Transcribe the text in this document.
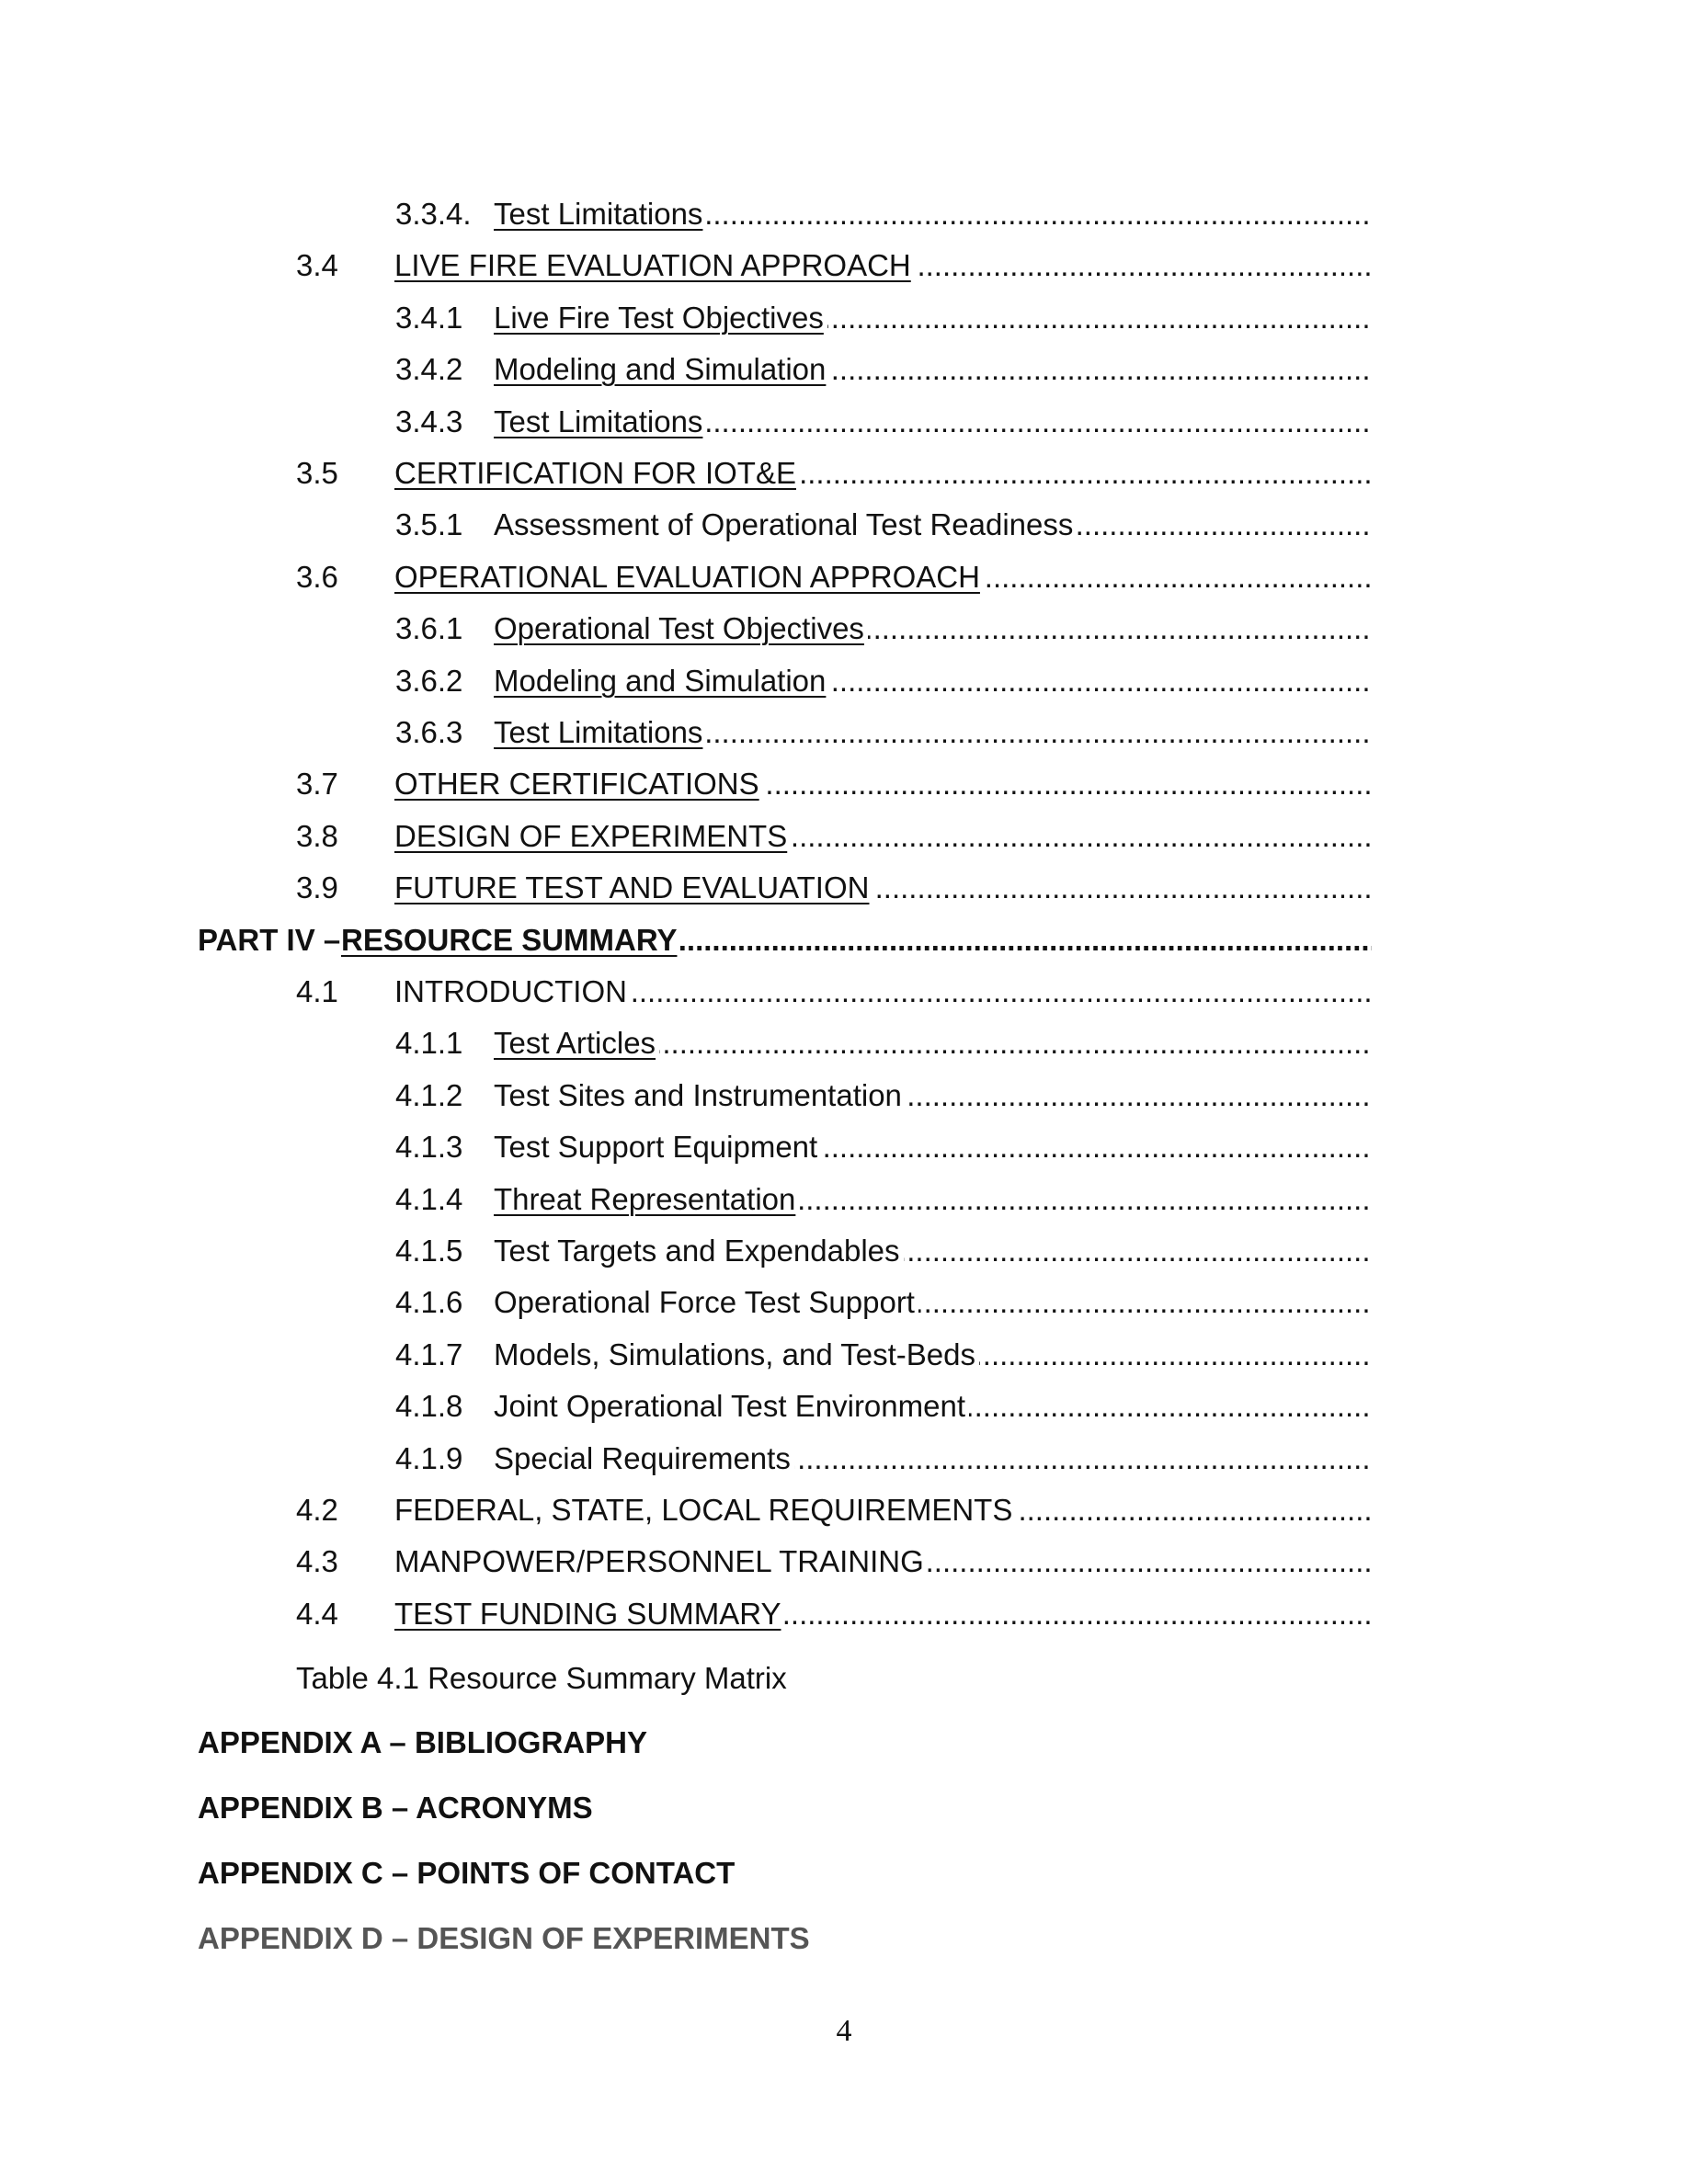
3.3.4. Test Limitations .....
3.4 LIVE FIRE EVALUATION APPROACH .....
3.4.1 Live Fire Test Objectives .....
3.4.2 Modeling and Simulation .....
3.4.3 Test Limitations .....
3.5 CERTIFICATION FOR IOT&E .....
3.5.1 Assessment of Operational Test Readiness .....
3.6 OPERATIONAL EVALUATION APPROACH .....
3.6.1 Operational Test Objectives .....
3.6.2 Modeling and Simulation .....
3.6.3 Test Limitations .....
3.7 OTHER CERTIFICATIONS .....
3.8 DESIGN OF EXPERIMENTS .....
3.9 FUTURE TEST AND EVALUATION .....
PART IV – RESOURCE SUMMARY .....
4.1 INTRODUCTION .....
4.1.1 Test Articles .....
4.1.2 Test Sites and Instrumentation .....
4.1.3 Test Support Equipment .....
4.1.4 Threat Representation .....
4.1.5 Test Targets and Expendables .....
4.1.6 Operational Force Test Support .....
4.1.7 Models, Simulations, and Test-Beds .....
4.1.8 Joint Operational Test Environment .....
4.1.9 Special Requirements .....
4.2 FEDERAL, STATE, LOCAL REQUIREMENTS .....
4.3 MANPOWER/PERSONNEL TRAINING .....
4.4 TEST FUNDING SUMMARY .....
Table 4.1 Resource Summary Matrix
APPENDIX A – BIBLIOGRAPHY
APPENDIX B – ACRONYMS
APPENDIX C – POINTS OF CONTACT
APPENDIX D – DESIGN OF EXPERIMENTS
4
